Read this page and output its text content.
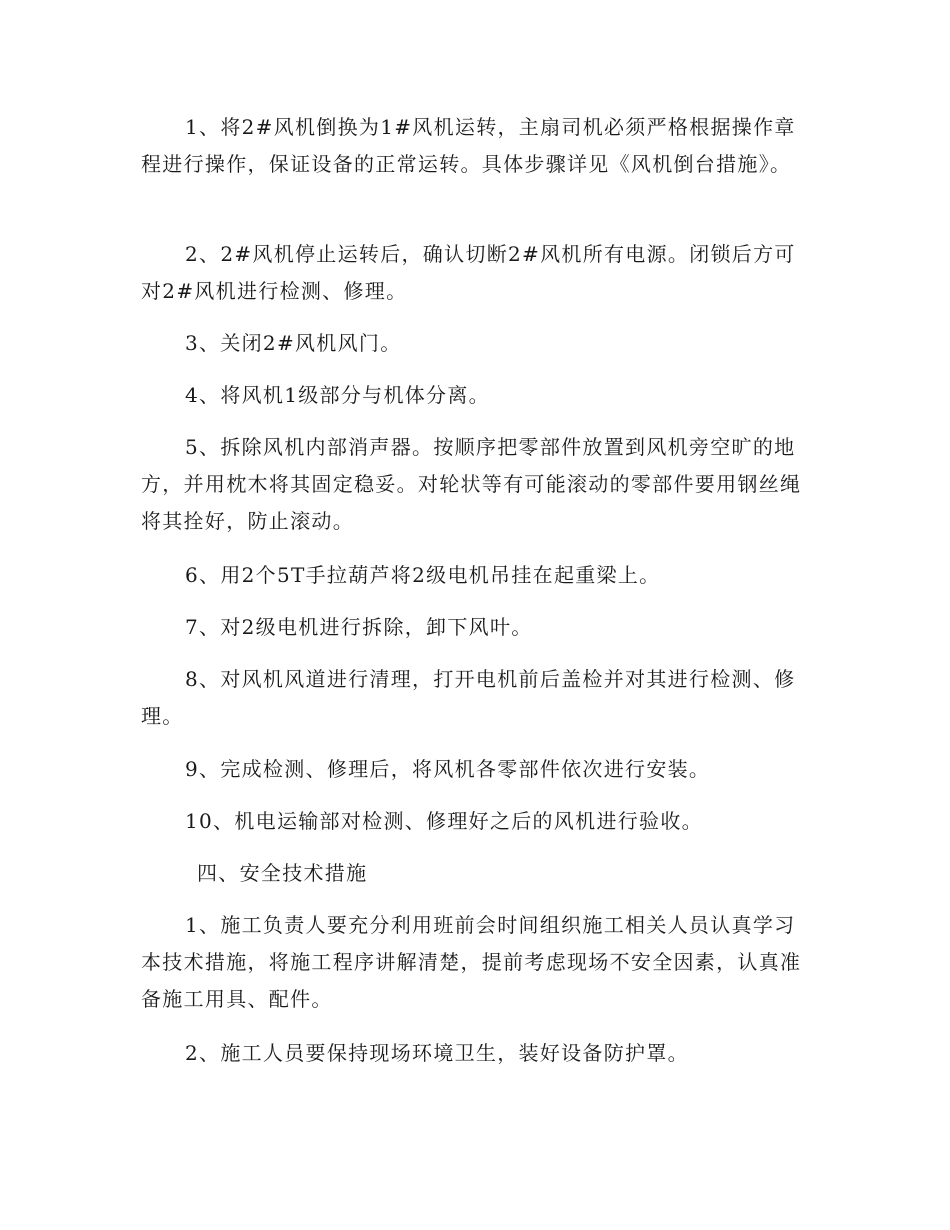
1、将2#风机倒换为1#风机运转，主扇司机必须严格根据操作章程进行操作，保证设备的正常运转。具体步骤详见《风机倒台措施》。

2、2#风机停止运转后，确认切断2#风机所有电源。闭锁后方可对2#风机进行检测、修理。

3、关闭2#风机风门。

4、将风机1级部分与机体分离。

5、拆除风机内部消声器。按顺序把零部件放置到风机旁空旷的地方，并用枕木将其固定稳妥。对轮状等有可能滚动的零部件要用钢丝绳将其拴好，防止滚动。

6、用2个5T手拉葫芦将2级电机吊挂在起重梁上。

7、对2级电机进行拆除，卸下风叶。

8、对风机风道进行清理，打开电机前后盖检并对其进行检测、修理。

9、完成检测、修理后，将风机各零部件依次进行安装。

10、机电运输部对检测、修理好之后的风机进行验收。

四、安全技术措施

1、施工负责人要充分利用班前会时间组织施工相关人员认真学习本技术措施，将施工程序讲解清楚，提前考虑现场不安全因素，认真准备施工用具、配件。

2、施工人员要保持现场环境卫生，装好设备防护罩。
